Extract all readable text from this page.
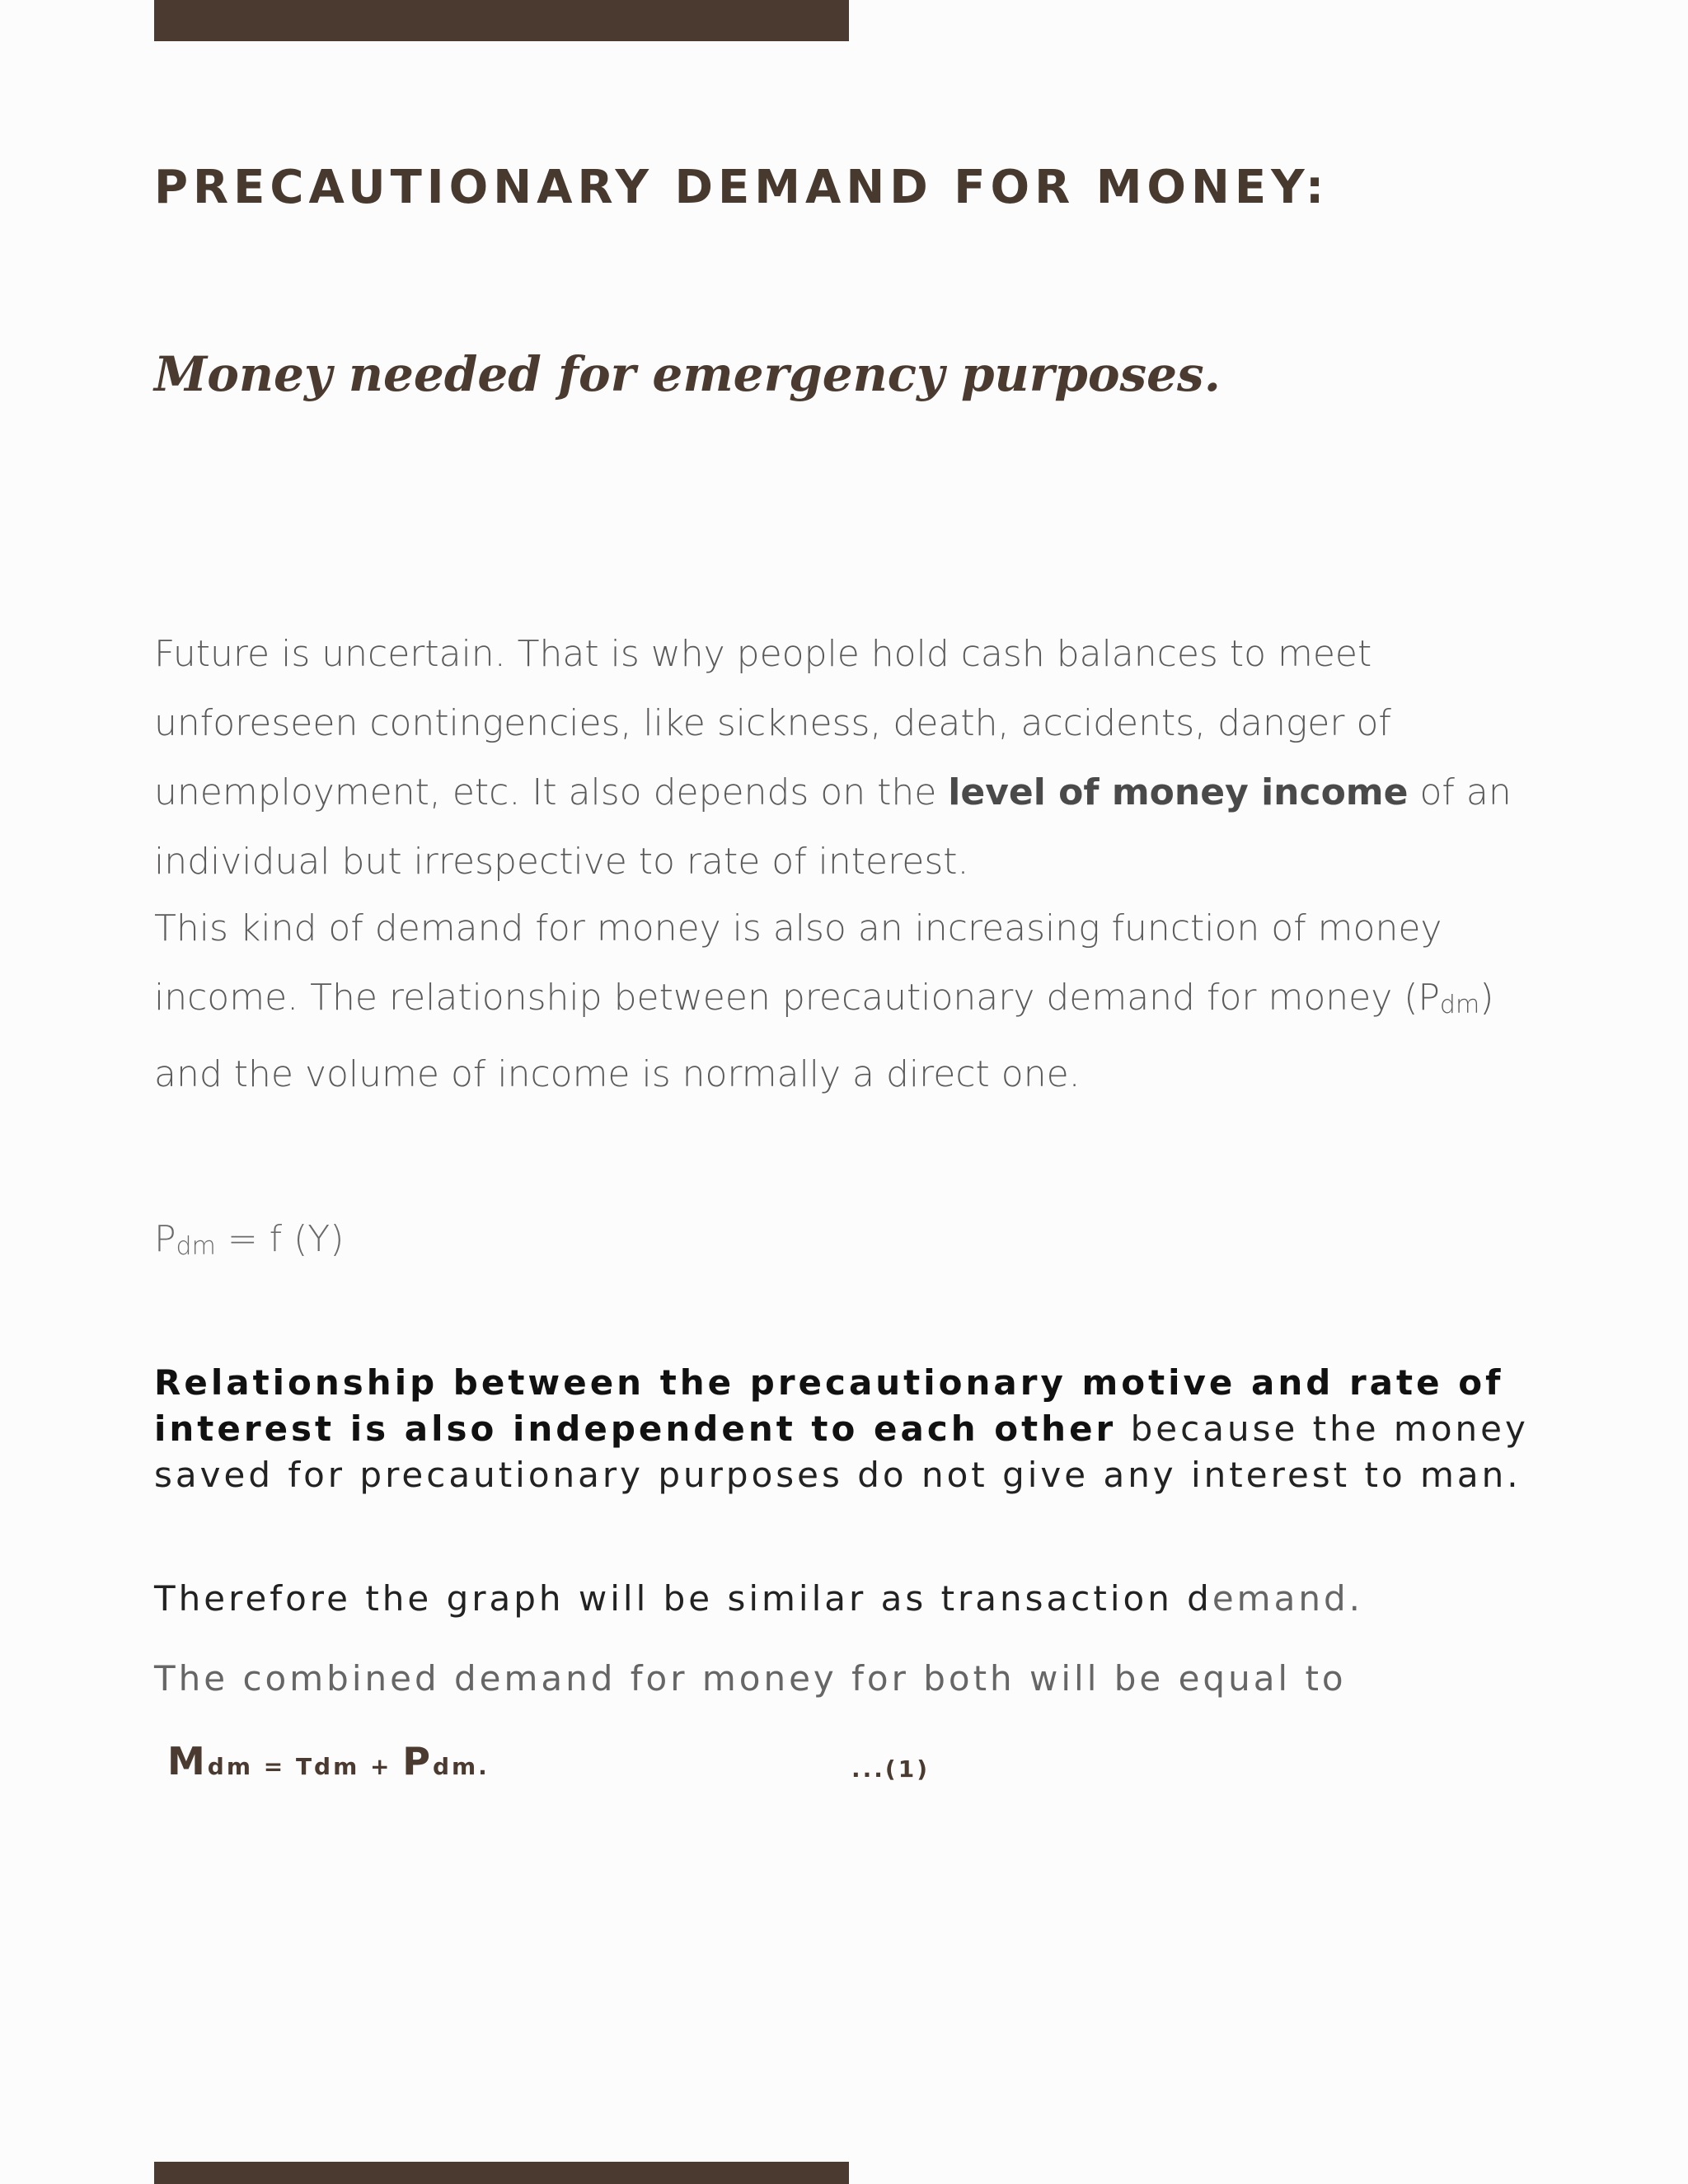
PRECAUTIONARY DEMAND FOR MONEY:
Money needed for emergency purposes.

Future is uncertain. That is why people hold cash balances to meet unforeseen contingencies, like sickness, death, accidents, danger of unemployment, etc. It also depends on the level of money income of an individual but irrespective to rate of interest.

This kind of demand for money is also an increasing function of money income. The relationship between precautionary demand for money (Pdm) and the volume of income is normally a direct one.

Pdm = f (Y)

Relationship between the precautionary motive and rate of interest is also independent to each other because the money saved for precautionary purposes do not give any interest to man.

Therefore the graph will be similar as transaction demand.

The combined demand for money for both will be equal to

Mdm = Tdm + Pdm.	...(1)
